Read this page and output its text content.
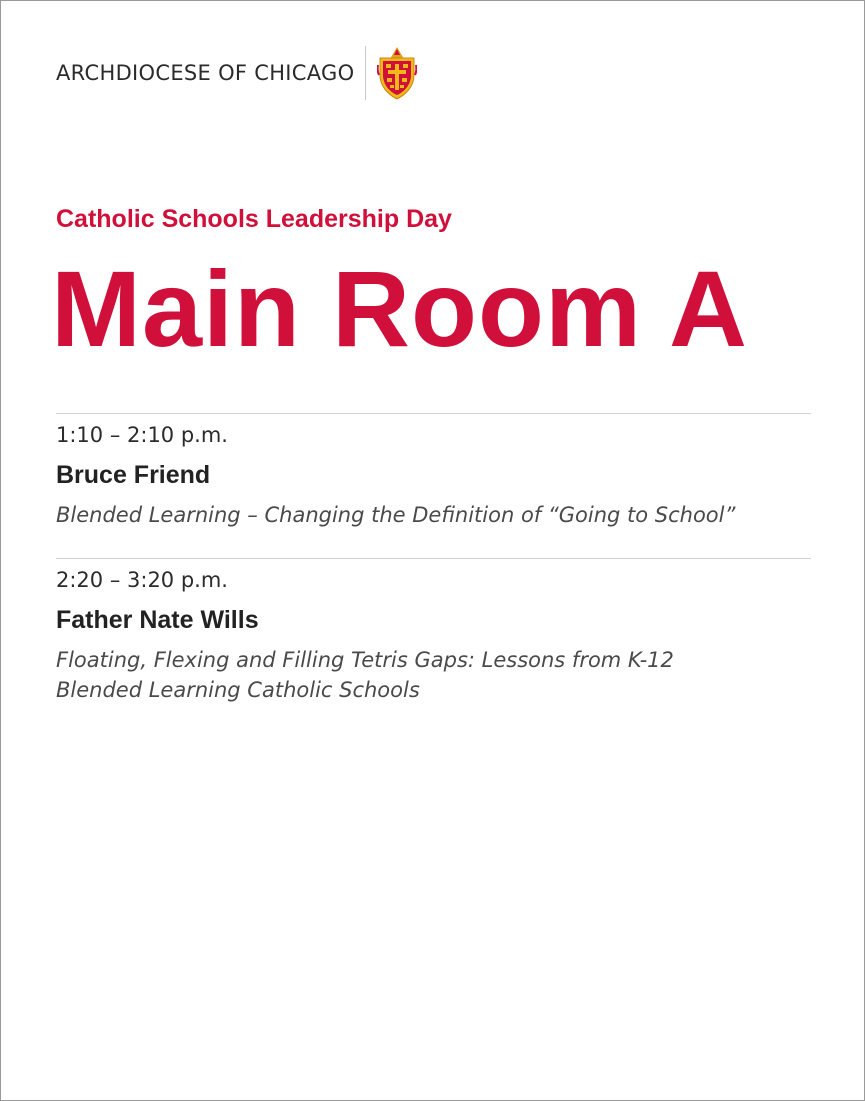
ARCHDIOCESE OF CHICAGO
Catholic Schools Leadership Day
Main Room A
1:10 – 2:10 p.m.
Bruce Friend
Blended Learning – Changing the Definition of “Going to School”
2:20 – 3:20 p.m.
Father Nate Wills
Floating, Flexing and Filling Tetris Gaps: Lessons from K-12 Blended Learning Catholic Schools
